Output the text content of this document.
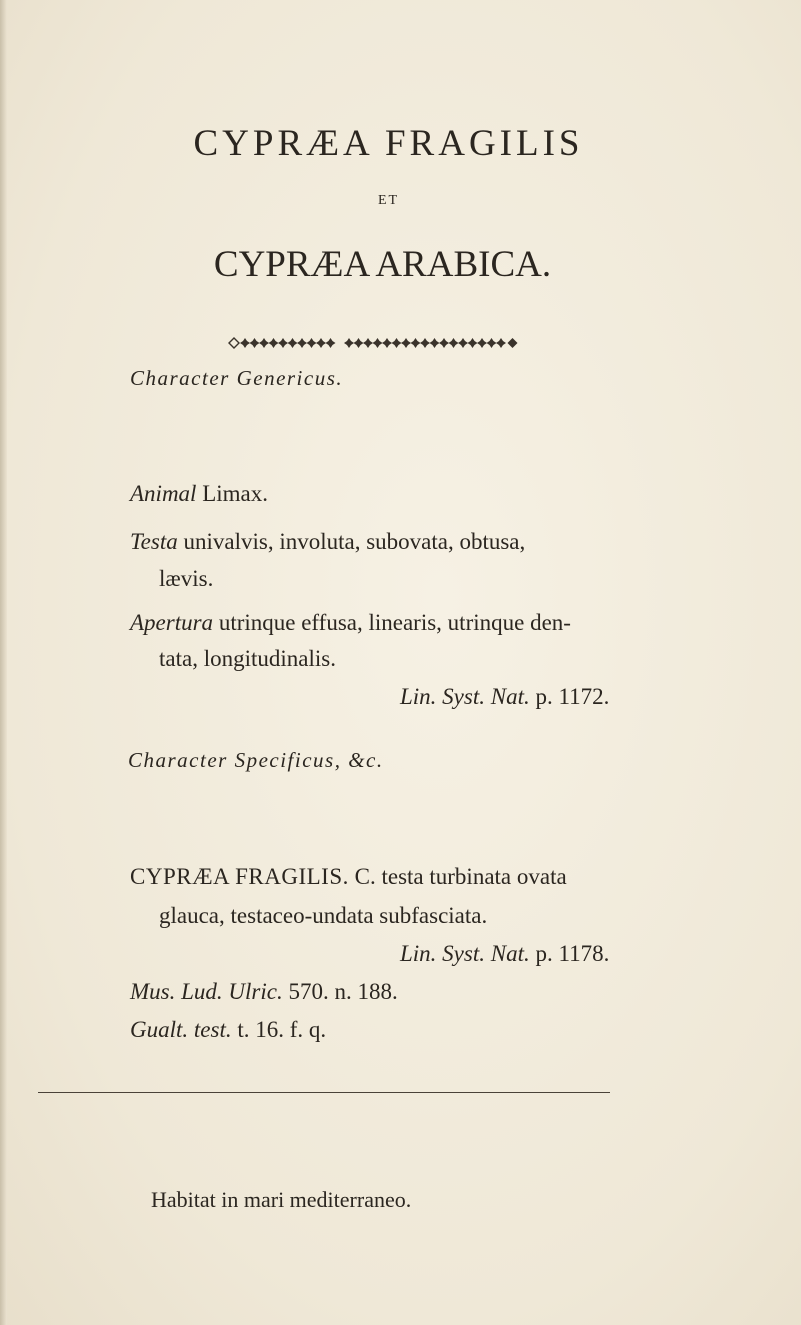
CYPRÆA FRAGILIS
ET
CYPRÆA ARABICA.
Character Genericus.
Animal Limax.
Testa univalvis, involuta, subovata, obtusa,
lævis.
Apertura utrinque effusa, linearis, utrinque den-
tata, longitudinalis.
Lin. Syst. Nat. p. 1172.
Character Specificus, &c.
CYPRÆA FRAGILIS. C. testa turbinata ovata
glauca, testaceo-undata subfasciata.
Lin. Syst. Nat. p. 1178.
Mus. Lud. Ulric. 570. n. 188.
Gualt. test. t. 16. f. q.
Habitat in mari mediterraneo.
